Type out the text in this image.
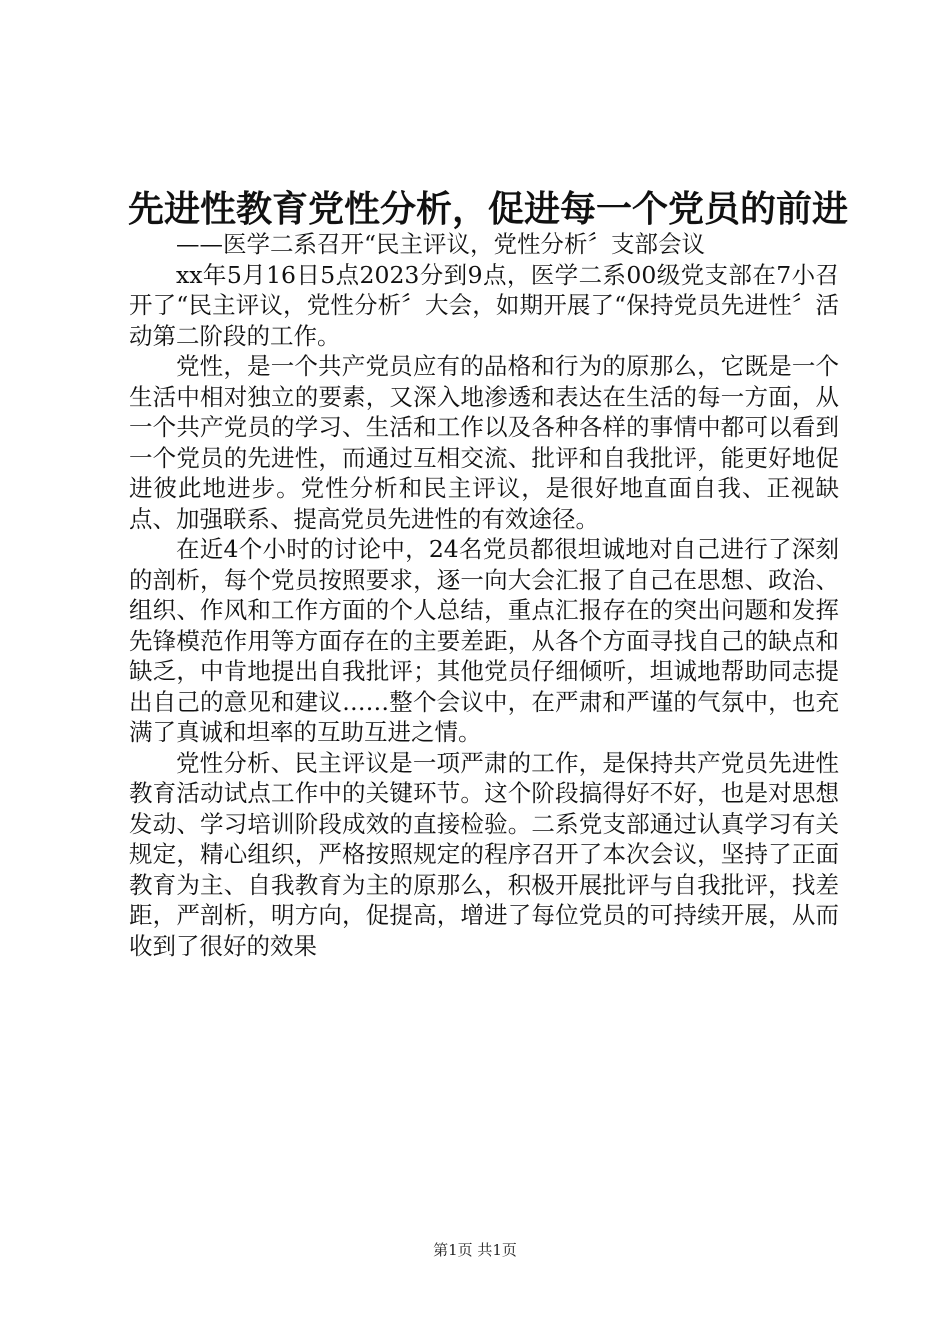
先进性教育党性分析，促进每一个党员的前进

——医学二系召开“民主评议，党性分析〞支部会议

xx年5月16日5点2023分到9点，医学二系00级党支部在7小召开了“民主评议，党性分析〞大会，如期开展了“保持党员先进性〞活动第二阶段的工作。

党性，是一个共产党员应有的品格和行为的原那么，它既是一个生活中相对独立的要素，又深入地渗透和表达在生活的每一方面，从一个共产党员的学习、生活和工作以及各种各样的事情中都可以看到一个党员的先进性，而通过互相交流、批评和自我批评，能更好地促进彼此地进步。党性分析和民主评议，是很好地直面自我、正视缺点、加强联系、提高党员先进性的有效途径。

在近4个小时的讨论中，24名党员都很坦诚地对自己进行了深刻的剖析，每个党员按照要求，逐一向大会汇报了自己在思想、政治、组织、作风和工作方面的个人总结，重点汇报存在的突出问题和发挥先锋模范作用等方面存在的主要差距，从各个方面寻找自己的缺点和缺乏，中肯地提出自我批评；其他党员仔细倾听，坦诚地帮助同志提出自己的意见和建议……整个会议中，在严肃和严谨的气氛中，也充满了真诚和坦率的互助互进之情。

党性分析、民主评议是一项严肃的工作，是保持共产党员先进性教育活动试点工作中的关键环节。这个阶段搞得好不好，也是对思想发动、学习培训阶段成效的直接检验。二系党支部通过认真学习有关规定，精心组织，严格按照规定的程序召开了本次会议，坚持了正面教育为主、自我教育为主的原那么，积极开展批评与自我批评，找差距，严剖析，明方向，促提高，增进了每位党员的可持续开展，从而收到了很好的效果

第1页 共1页
